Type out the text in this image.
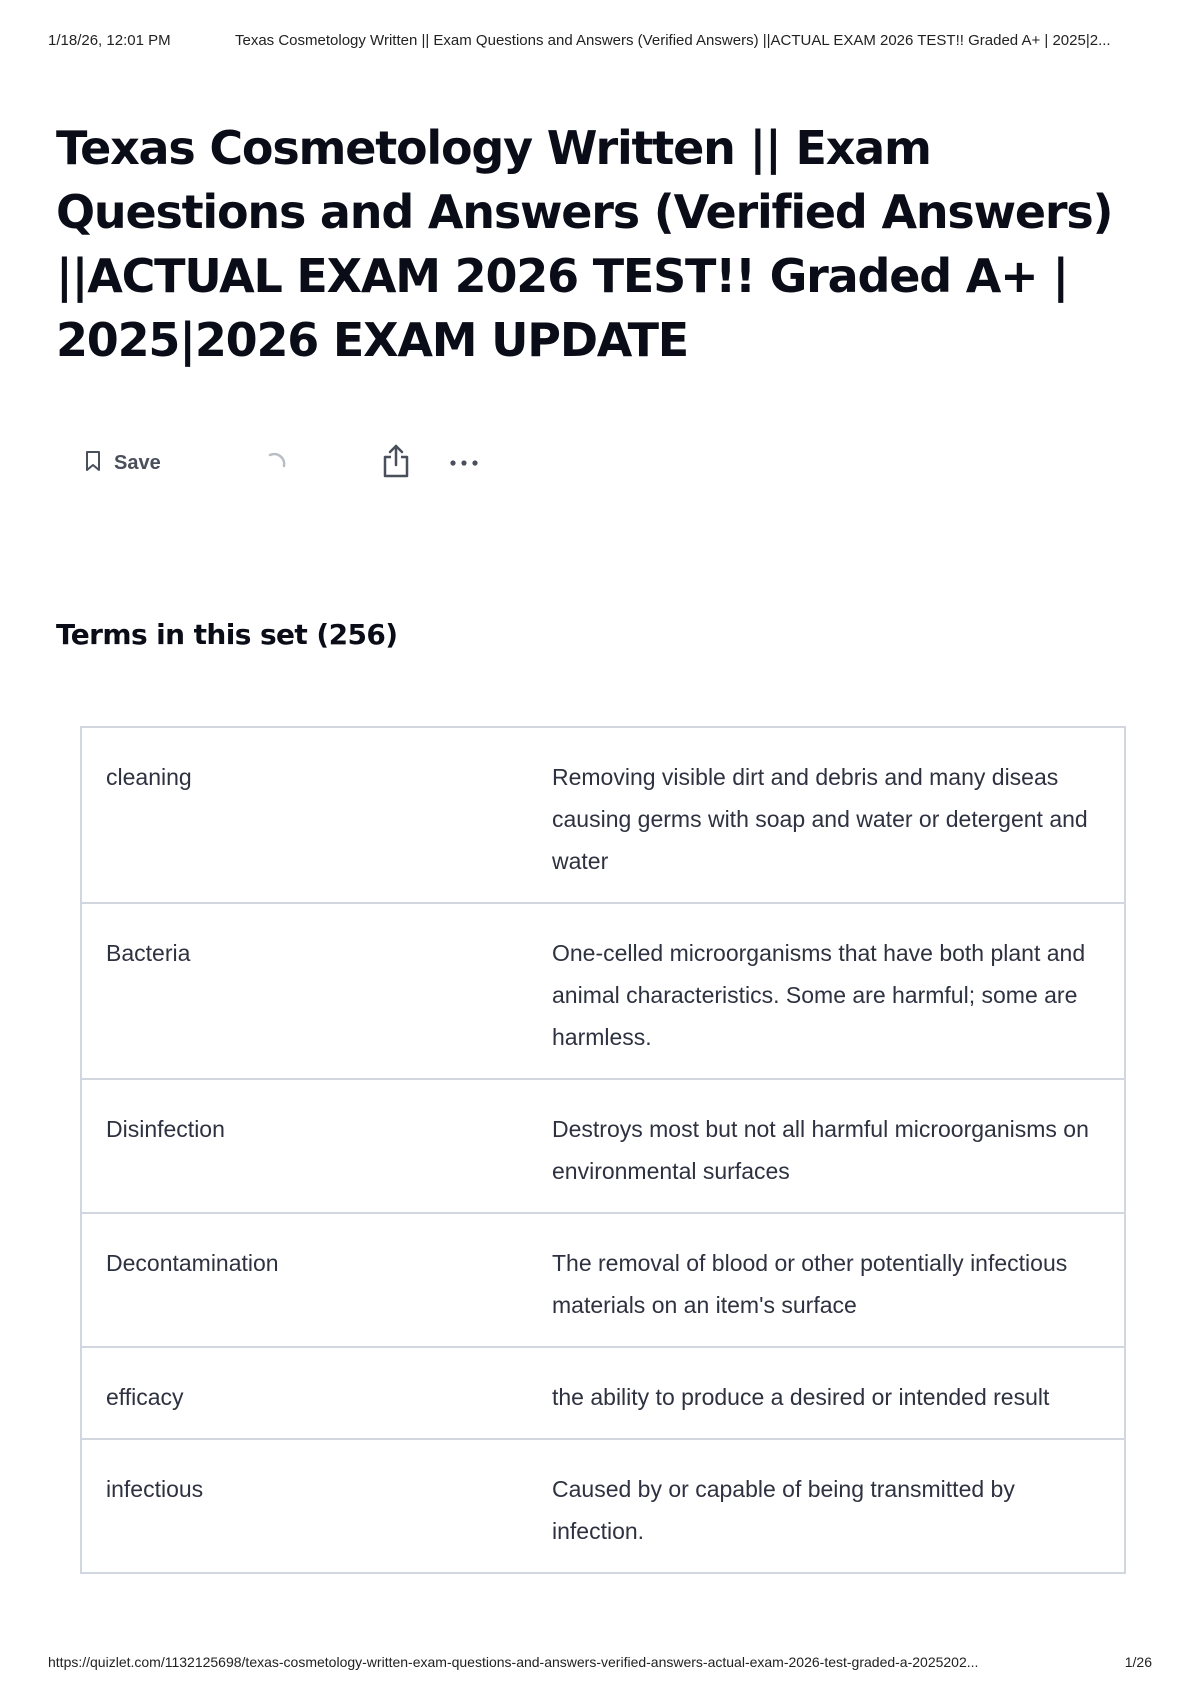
1/18/26, 12:01 PM	Texas Cosmetology Written || Exam Questions and Answers (Verified Answers) ||ACTUAL EXAM 2026 TEST!! Graded A+ | 2025|2...
Texas Cosmetology Written || Exam Questions and Answers (Verified Answers) ||ACTUAL EXAM 2026 TEST!! Graded A+ | 2025|2026 EXAM UPDATE
Save
Terms in this set (256)
cleaning	Removing visible dirt and debris and many diseas causing germs with soap and water or detergent and water
Bacteria	One-celled microorganisms that have both plant and animal characteristics. Some are harmful; some are harmless.
Disinfection	Destroys most but not all harmful microorganisms on environmental surfaces
Decontamination	The removal of blood or other potentially infectious materials on an item's surface
efficacy	the ability to produce a desired or intended result
infectious	Caused by or capable of being transmitted by infection.
https://quizlet.com/1132125698/texas-cosmetology-written-exam-questions-and-answers-verified-answers-actual-exam-2026-test-graded-a-2025202...	1/26
